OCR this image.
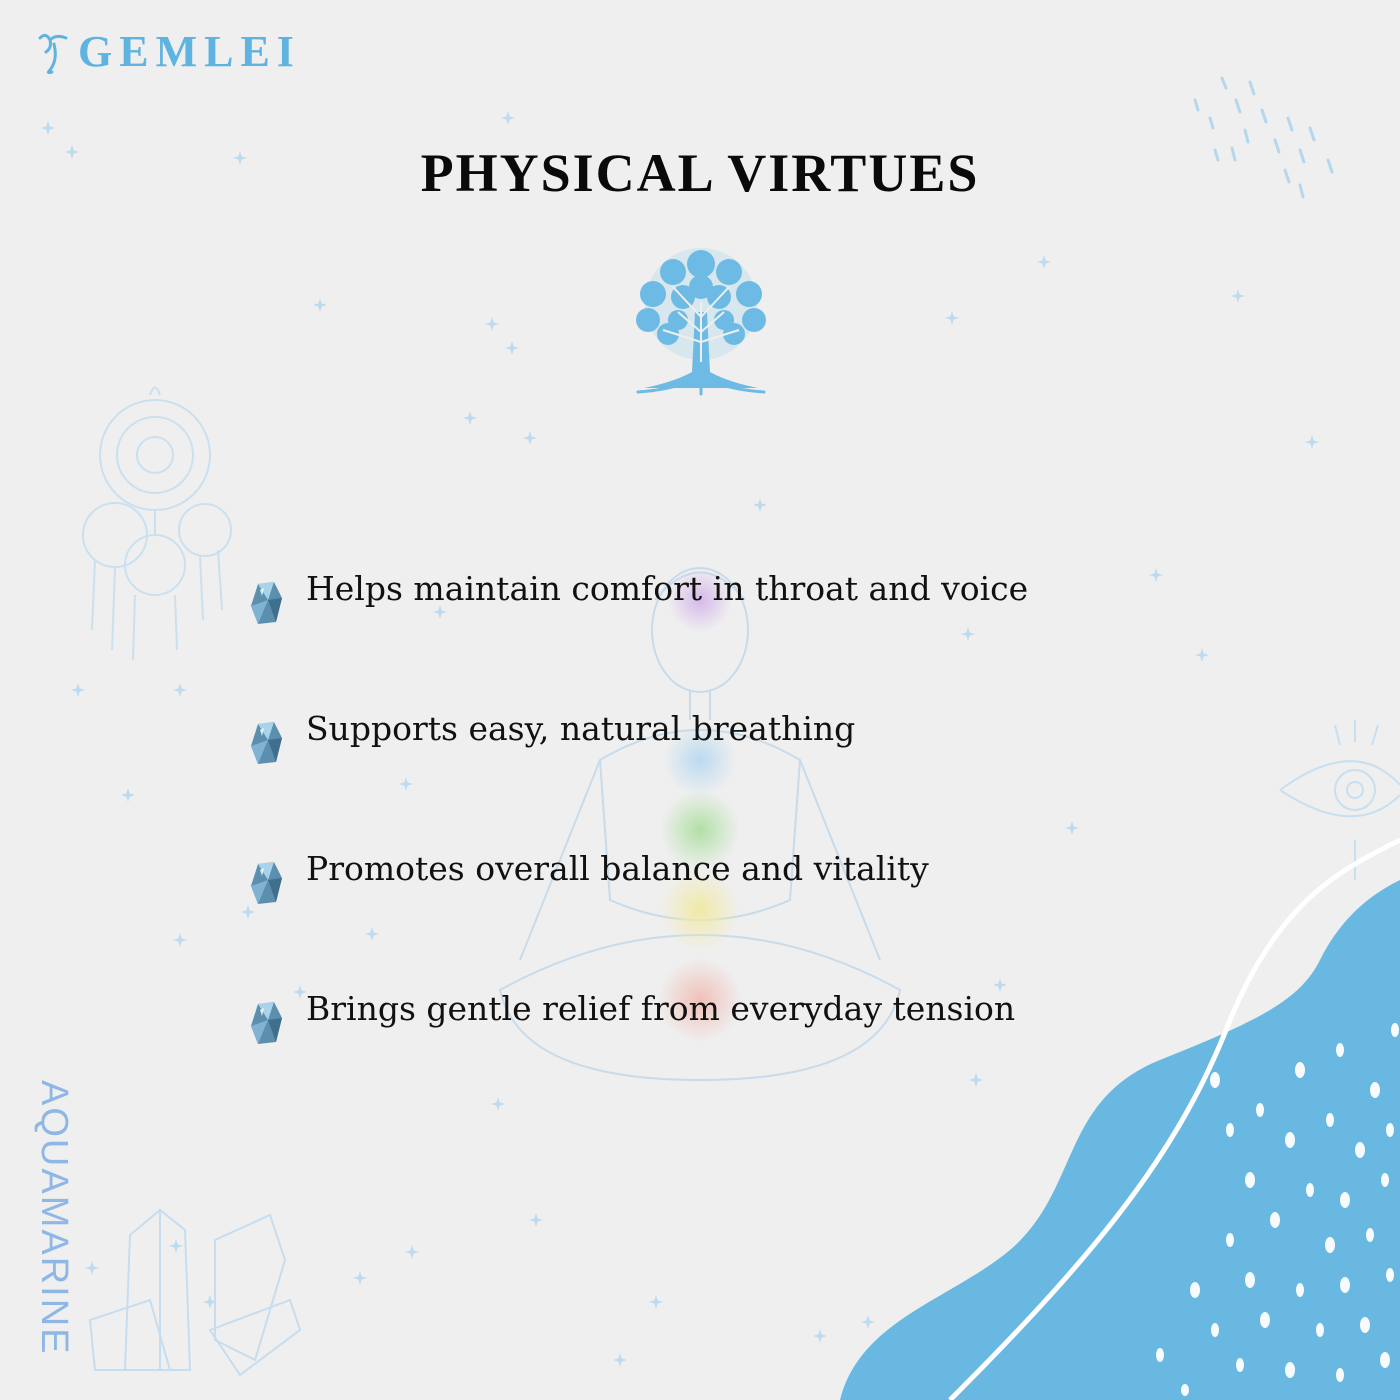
GEMLEI
PHYSICAL VIRTUES
Helps maintain comfort in throat and voice
Supports easy, natural breathing
Promotes overall balance and vitality
Brings gentle relief from everyday tension
AQUAMARINE
